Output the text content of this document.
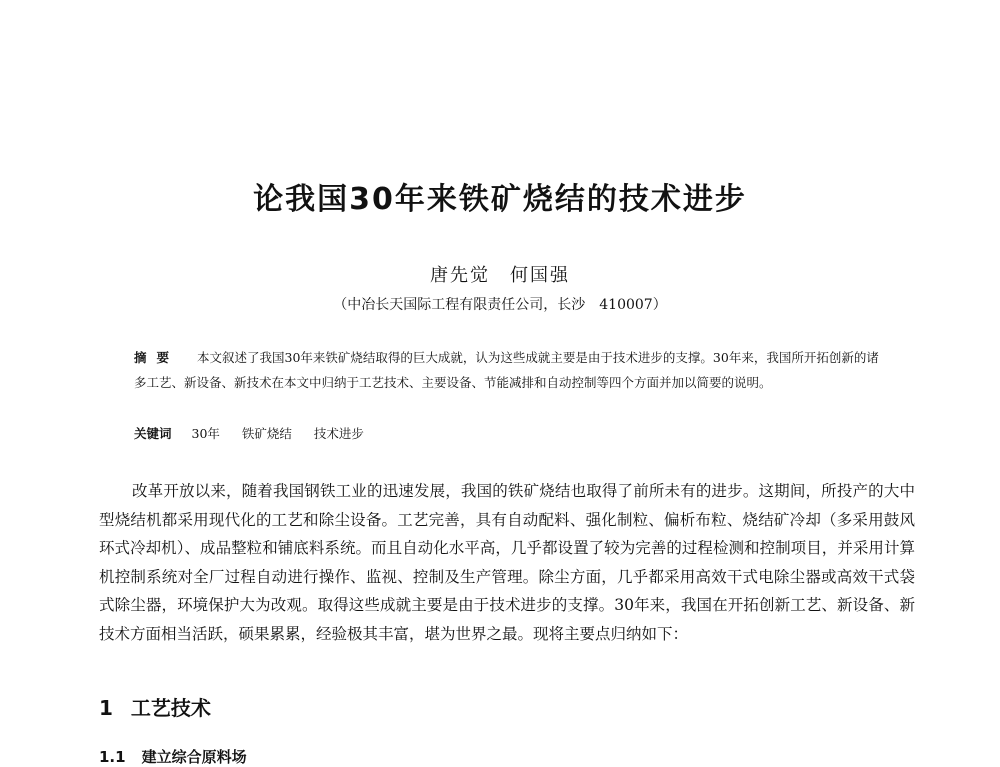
论我国30年来铁矿烧结的技术进步
唐先觉　何国强
（中冶长天国际工程有限责任公司，长沙　410007）
摘要 本文叙述了我国30年来铁矿烧结取得的巨大成就，认为这些成就主要是由于技术进步的支撑。30年来，我国所开拓创新的诸多工艺、新设备、新技术在本文中归纳于工艺技术、主要设备、节能减排和自动控制等四个方面并加以简要的说明。
关键词 30年 铁矿烧结 技术进步

改革开放以来，随着我国钢铁工业的迅速发展，我国的铁矿烧结也取得了前所未有的进步。这期间，所投产的大中型烧结机都采用现代化的工艺和除尘设备。工艺完善，具有自动配料、强化制粒、偏析布粒、烧结矿冷却（多采用鼓风环式冷却机）、成品整粒和铺底料系统。而且自动化水平高，几乎都设置了较为完善的过程检测和控制项目，并采用计算机控制系统对全厂过程自动进行操作、监视、控制及生产管理。除尘方面，几乎都采用高效干式电除尘器或高效干式袋式除尘器，环境保护大为改观。取得这些成就主要是由于技术进步的支撑。30年来，我国在开拓创新工艺、新设备、新技术方面相当活跃，硕果累累，经验极其丰富，堪为世界之最。现将主要点归纳如下：

1 工艺技术
1.1 建立综合原料场
